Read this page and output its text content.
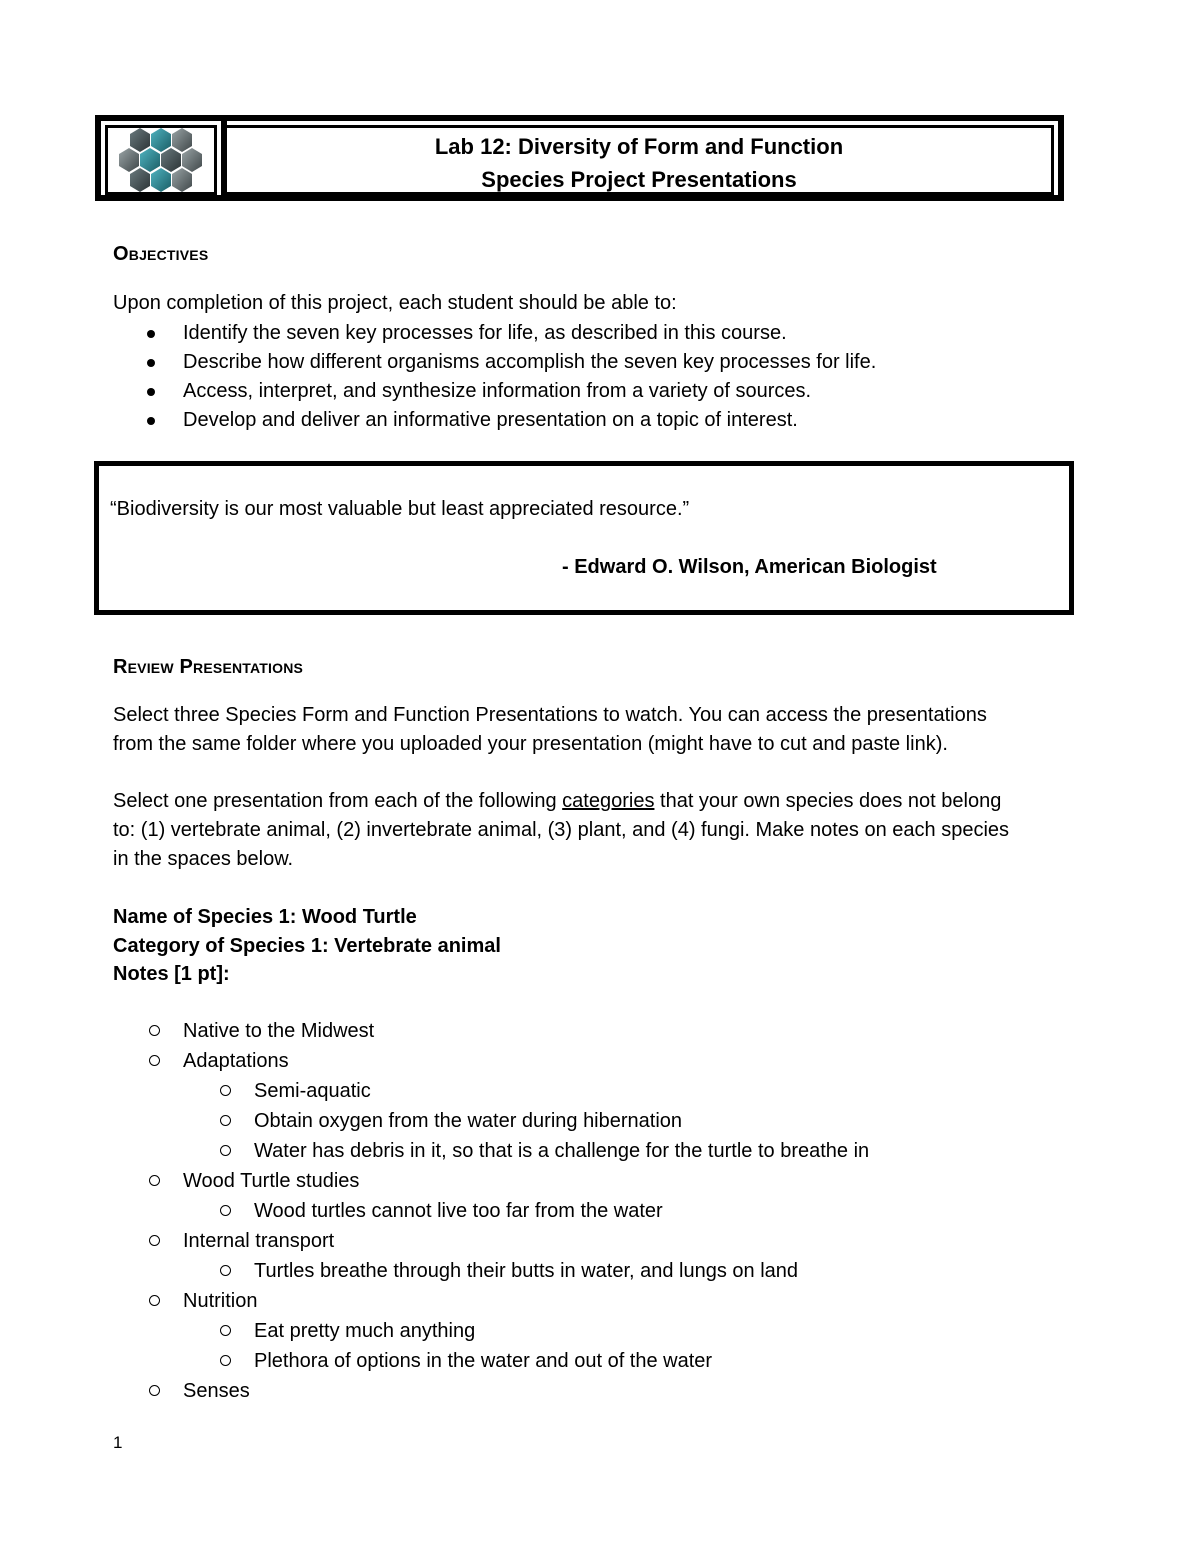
Lab 12: Diversity of Form and Function
Species Project Presentations
Objectives
Upon completion of this project, each student should be able to:
Identify the seven key processes for life, as described in this course.
Describe how different organisms accomplish the seven key processes for life.
Access, interpret, and synthesize information from a variety of sources.
Develop and deliver an informative presentation on a topic of interest.
“Biodiversity is our most valuable but least appreciated resource.”
- Edward O. Wilson, American Biologist
Review Presentations
Select three Species Form and Function Presentations to watch. You can access the presentations
from the same folder where you uploaded your presentation (might have to cut and paste link).
Select one presentation from each of the following categories that your own species does not belong
to: (1) vertebrate animal, (2) invertebrate animal, (3) plant, and (4) fungi. Make notes on each species
in the spaces below.
Name of Species 1: Wood Turtle
Category of Species 1: Vertebrate animal
Notes [1 pt]:
Native to the Midwest
Adaptations
Semi-aquatic
Obtain oxygen from the water during hibernation
Water has debris in it, so that is a challenge for the turtle to breathe in
Wood Turtle studies
Wood turtles cannot live too far from the water
Internal transport
Turtles breathe through their butts in water, and lungs on land
Nutrition
Eat pretty much anything
Plethora of options in the water and out of the water
Senses
1
